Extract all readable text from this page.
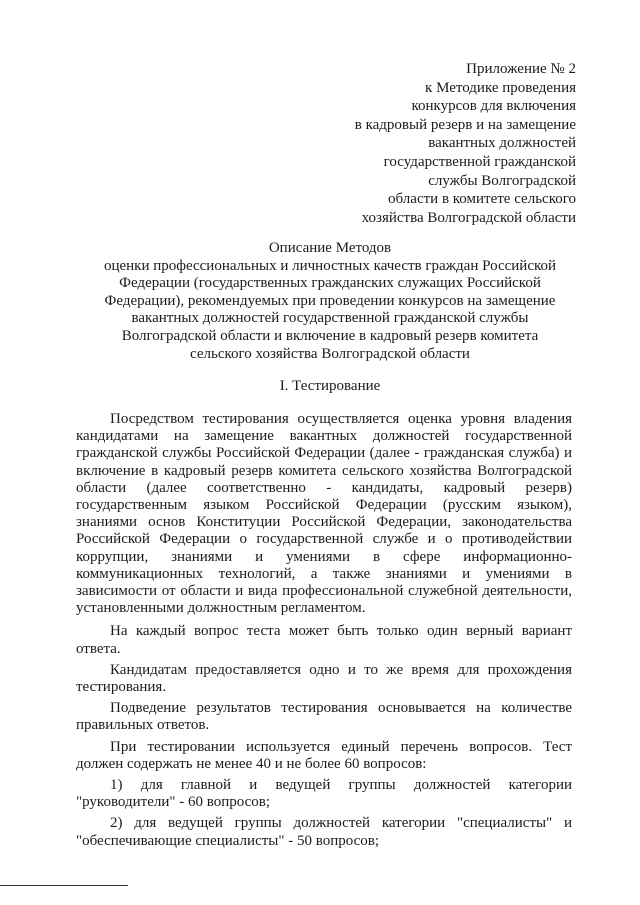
Приложение № 2
к Методике проведения
конкурсов для включения
в кадровый резерв и на замещение
вакантных должностей
государственной гражданской
службы Волгоградской
области в комитете сельского
хозяйства Волгоградской области
Описание Методов
оценки профессиональных и личностных качеств граждан Российской
Федерации (государственных гражданских служащих Российской
Федерации), рекомендуемых при проведении конкурсов на замещение
вакантных должностей государственной гражданской службы
Волгоградской области и включение в кадровый резерв комитета
сельского хозяйства Волгоградской области
I. Тестирование

Посредством тестирования осуществляется оценка уровня владения кандидатами на замещение вакантных должностей государственной гражданской службы Российской Федерации (далее - гражданская служба) и включение в кадровый резерв комитета сельского хозяйства Волгоградской области (далее соответственно - кандидаты, кадровый резерв) государственным языком Российской Федерации (русским языком), знаниями основ Конституции Российской Федерации, законодательства Российской Федерации о государственной службе и о противодействии коррупции, знаниями и умениями в сфере информационно-коммуникационных технологий, а также знаниями и умениями в зависимости от области и вида профессиональной служебной деятельности, установленными должностным регламентом.

На каждый вопрос теста может быть только один верный вариант ответа.

Кандидатам предоставляется одно и то же время для прохождения тестирования.

Подведение результатов тестирования основывается на количестве правильных ответов.

При тестировании используется единый перечень вопросов. Тест должен содержать не менее 40 и не более 60 вопросов:

1) для главной и ведущей группы должностей категории "руководители" - 60 вопросов;

2) для ведущей группы должностей категории "специалисты" и "обеспечивающие специалисты" - 50 вопросов;
